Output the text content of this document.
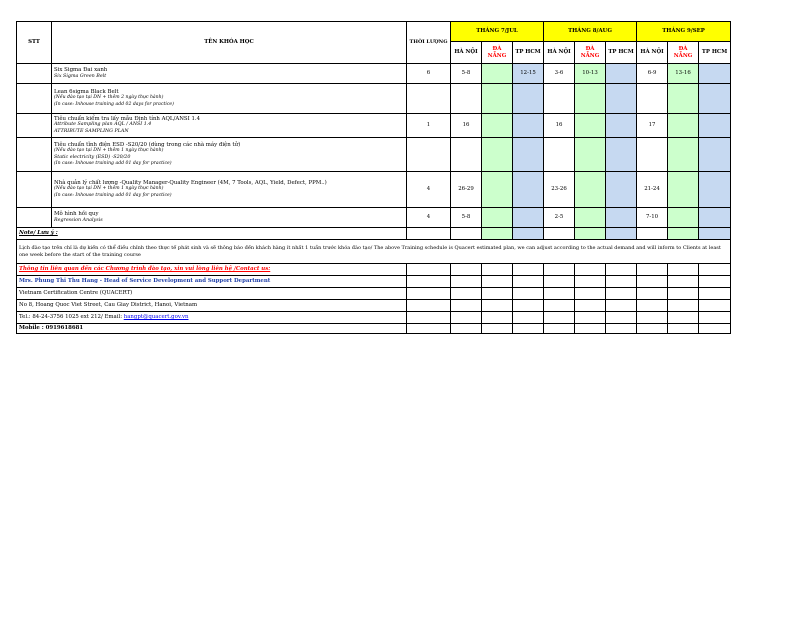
STT	TÊN KHÓA HỌC	THỜI LƯỢNG	THÁNG 7/JUL			THÁNG 8/AUG			THÁNG 9/SEP		
			HÀ NỘI	ĐÀ NẴNG	TP HCM	HÀ NỘI	ĐÀ NẴNG	TP HCM	HÀ NỘI	ĐÀ NẴNG	TP HCM

	Six Sigma Đai xanh
Six Sigma Green Belt	6	5-8		12-15	3-6	10-13		6-9	13-16	

	Lean 6sigma Black Belt
(Nếu đào tạo tại DN + thêm 2 ngày thực hành)
(In case: Inhouse training add 02 days for practice)										

	Tiêu chuẩn kiểm tra lấy mẫu Định tính AQL/ANSI 1.4
Attribute Sampling plan AQL / ANSI 1.4
ATTRIBUTE SAMPLING PLAN	1	16			16			17		

	Tiêu chuẩn tĩnh điện ESD -S20/20 (dùng trong các nhà máy điện tử)
(Nếu đào tạo tại DN + thêm 1 ngày thực hành)
Static electricity (ESD) -S20/20
(In case: Inhouse training add 01 day for practice)										

	Nhà quản lý chất lượng -Quality Manager-Quality Engineer (4M, 7 Tools, AQL, Yield, Defect, PPM..)
(Nếu đào tạo tại DN + thêm 1 ngày thực hành)
(In case: Inhouse training add 01 day for practice)	4	26-29			23-26			21-24		

	Mô hình hồi quy
Regression Analysis	4	5-8			2-5			7-10		
Note/ Lưu ý :											
Lịch đào tạo trên chỉ là dự kiến có thể điều chỉnh theo thực tế phát sinh và sẽ thông báo đến khách hàng ít nhất 1 tuần trước khóa đào tạo/ The above Training schedule is Quacert estimated plan, we can adjust according to the actual demand and will inform to Clients at least one week before the start of the training course											
Thông tin liên quan đến các Chương trình đào tạo, xin vui lòng liên hệ /Contact us:											
Mrs. Phung Thi Thu Hang - Head of Service Development and Support Department											
Vietnam Certification Centre (QUACERT)											
No 8, Hoang Quoc Viet Street, Cau Giay District, Hanoi, Vietnam											
Tel.: 84-24-3756 1025 ext 212/ Email: hangpt@quacert.gov.vn											
Mobile : 0919618681											
